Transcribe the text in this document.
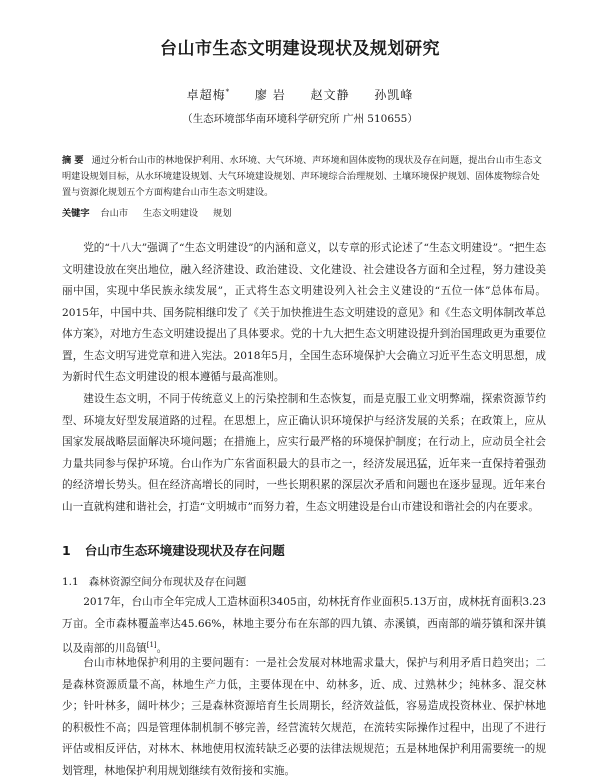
台山市生态文明建设现状及规划研究
卓超梅* 廖 岩 赵文静 孙凯峰
（生态环境部华南环境科学研究所 广州 510655）
摘 要 通过分析台山市的林地保护利用、水环境、大气环境、声环境和固体废物的现状及存在问题，提出台山市生态文明建设规划目标，从水环境建设规划、大气环境建设规划、声环境综合治理规划、土壤环境保护规划、固体废物综合处置与资源化规划五个方面构建台山市生态文明建设。
关键字 台山市 生态文明建设 规划

党的“十八大”强调了“生态文明建设”的内涵和意义，以专章的形式论述了“生态文明建设”。“把生态文明建设放在突出地位，融入经济建设、政治建设、文化建设、社会建设各方面和全过程，努力建设美丽中国，实现中华民族永续发展”，正式将生态文明建设列入社会主义建设的“五位一体”总体布局。2015年，中国中共、国务院相继印发了《关于加快推进生态文明建设的意见》和《生态文明体制改革总体方案》，对地方生态文明建设提出了具体要求。党的十九大把生态文明建设提升到治国理政更为重要位置，生态文明写进党章和进入宪法。2018年5月，全国生态环境保护大会确立习近平生态文明思想，成为新时代生态文明建设的根本遵循与最高准则。

建设生态文明，不同于传统意义上的污染控制和生态恢复，而是克服工业文明弊端，探索资源节约型、环境友好型发展道路的过程。在思想上，应正确认识环境保护与经济发展的关系；在政策上，应从国家发展战略层面解决环境问题；在措施上，应实行最严格的环境保护制度；在行动上，应动员全社会力量共同参与保护环境。台山作为广东省面积最大的县市之一，经济发展迅猛，近年来一直保持着强劲的经济增长势头。但在经济高增长的同时，一些长期积累的深层次矛盾和问题也在逐步显现。近年来台山一直就构建和谐社会，打造“文明城市”而努力着，生态文明建设是台山市建设和谐社会的内在要求。

1 台山市生态环境建设现状及存在问题
1.1 森林资源空间分布现状及存在问题

2017年，台山市全年完成人工造林面积3405亩，幼林抚育作业面积5.13万亩，成林抚育面积3.23万亩。全市森林覆盖率达45.66%，林地主要分布在东部的四九镇、赤溪镇，西南部的端芬镇和深井镇以及南部的川岛镇[1]。

台山市林地保护利用的主要问题有：一是社会发展对林地需求量大，保护与利用矛盾日趋突出；二是森林资源质量不高，林地生产力低，主要体现在中、幼林多，近、成、过熟林少；纯林多、混交林少；针叶林多，阔叶林少；三是森林资源培育生长周期长，经济效益低，容易造成投资林业、保护林地的积极性不高；四是管理体制机制不够完善，经营流转欠规范，在流转实际操作过程中，出现了不进行评估或相反评估，对林木、林地使用权流转缺乏必要的法律法规规范；五是林地保护利用需要统一的规划管理，林地保护利用规划继续有效衔接和实施。
